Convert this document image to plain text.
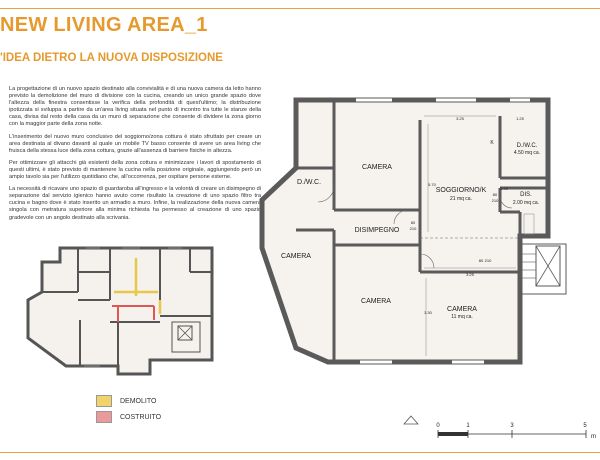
NEW LIVING AREA_1
'IDEA DIETRO LA NUOVA DISPOSIZIONE

La progettazione di un nuovo spazio destinato alla convivialità e di una nuova camera da letto hanno previsto la demolizione del muro di divisione con la cucina, creando un unico grande spazio dove l'altezza della finestra consentisse la verifica della profondità di quest'ultimo; la distribuzione ipotizzata si sviluppa a partire da un'area living situata nel punto di incontro tra tutte le stanze della casa, divisa dal resto della casa da un muro di separazione che consente di dividere la zona giorno con la maggior parte della zona notte.

L'inserimento del nuovo muro conclusivo del soggiorno/zona cottura è stato sfruttato per creare un area destinata al divano davanti al quale un mobile TV basso consente di avere un area living che fruisca della stessa luce della zona cottura, grazie all'assenza di barriere fisiche in altezza.

Per ottimizzare gli attacchi già esistenti della zona cottura e minimizzare i lavori di spostamento di questi ultimi, è stato previsto di mantenere la cucina nella posizione originale, aggiungendo però un ampio tavolo sia per l'utilizzo quotidiano che, all'occorrenza, per ospitare persone esterne.

La necessità di ricavare uno spazio di guardaroba all'ingresso e la volontà di creare un disimpegno di separazione dal servizio igienico hanno avuto come risultato la creazione di uno spazio filtro tra cucina e bagno dove è stato inserito un armadio a muro. Infine, la realizzazione della nuova camera singola con metratura superiore alla minima richiesta ha permesso al creazione di uno spazio gradevole con un angolo destinato alla scrivania.

CAMERA
D./W.C.
DISIMPEGNO
CAMERA
CAMERA
SOGGIORNO/K
21 mq ca.
D./W.C.
4.50 mq ca.
DIS.
2.00 mq ca.
CAMERA
11 mq ca.
K
3.25	1.25
5.70
3.40
80
210
80
210
80 210
3.25
3.30
0	1	3	5
m
DEMOLITO
COSTRUITO
